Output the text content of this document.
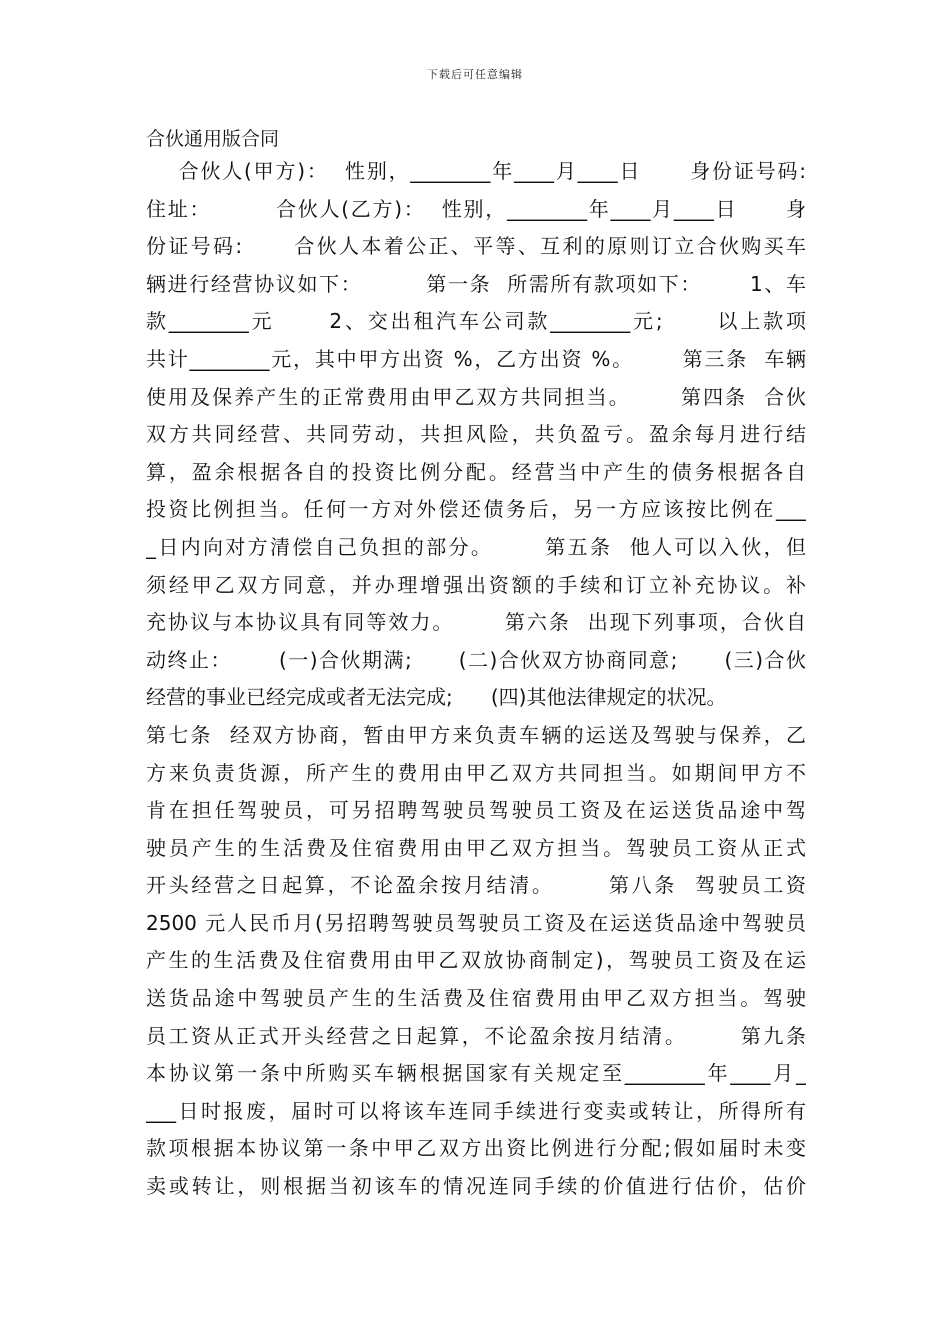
下载后可任意编辑
合伙通用版合同
合伙人(甲方)：  性别，________年____月____日      身份证号码:
住址：        合伙人(乙方)：  性别，________年____月____日      身
份证号码:      合伙人本着公正、平等、互利的原则订立合伙购买车
辆进行经营协议如下：        第一条  所需所有款项如下：      1、车
款________元      2、交出租汽车公司款________元;      以上款项
共计________元，其中甲方出资 %，乙方出资 %。      第三条  车辆
使用及保养产生的正常费用由甲乙双方共同担当。      第四条  合伙
双方共同经营、共同劳动，共担风险，共负盈亏。盈余每月进行结
算，盈余根据各自的投资比例分配。经营当中产生的债务根据各自
投资比例担当。任何一方对外偿还债务后，另一方应该按比例在___
_日内向对方清偿自己负担的部分。      第五条  他人可以入伙，但
须经甲乙双方同意，并办理增强出资额的手续和订立补充协议。补
充协议与本协议具有同等效力。      第六条  出现下列事项，合伙自
动终止：      (一)合伙期满;      (二)合伙双方协商同意;      (三)合伙
经营的事业已经完成或者无法完成;      (四)其他法律规定的状况。
第七条  经双方协商，暂由甲方来负责车辆的运送及驾驶与保养，乙
方来负责货源，所产生的费用由甲乙双方共同担当。如期间甲方不
肯在担任驾驶员，可另招聘驾驶员驾驶员工资及在运送货品途中驾
驶员产生的生活费及住宿费用由甲乙双方担当。驾驶员工资从正式
开头经营之日起算，不论盈余按月结清。      第八条  驾驶员工资
2500 元人民币月(另招聘驾驶员驾驶员工资及在运送货品途中驾驶员
产生的生活费及住宿费用由甲乙双放协商制定)，驾驶员工资及在运
送货品途中驾驶员产生的生活费及住宿费用由甲乙双方担当。驾驶
员工资从正式开头经营之日起算，不论盈余按月结清。      第九条
本协议第一条中所购买车辆根据国家有关规定至________年____月_
___日时报废，届时可以将该车连同手续进行变卖或转让，所得所有
款项根据本协议第一条中甲乙双方出资比例进行分配;假如届时未变
卖或转让，则根据当初该车的情况连同手续的价值进行估价，估价
